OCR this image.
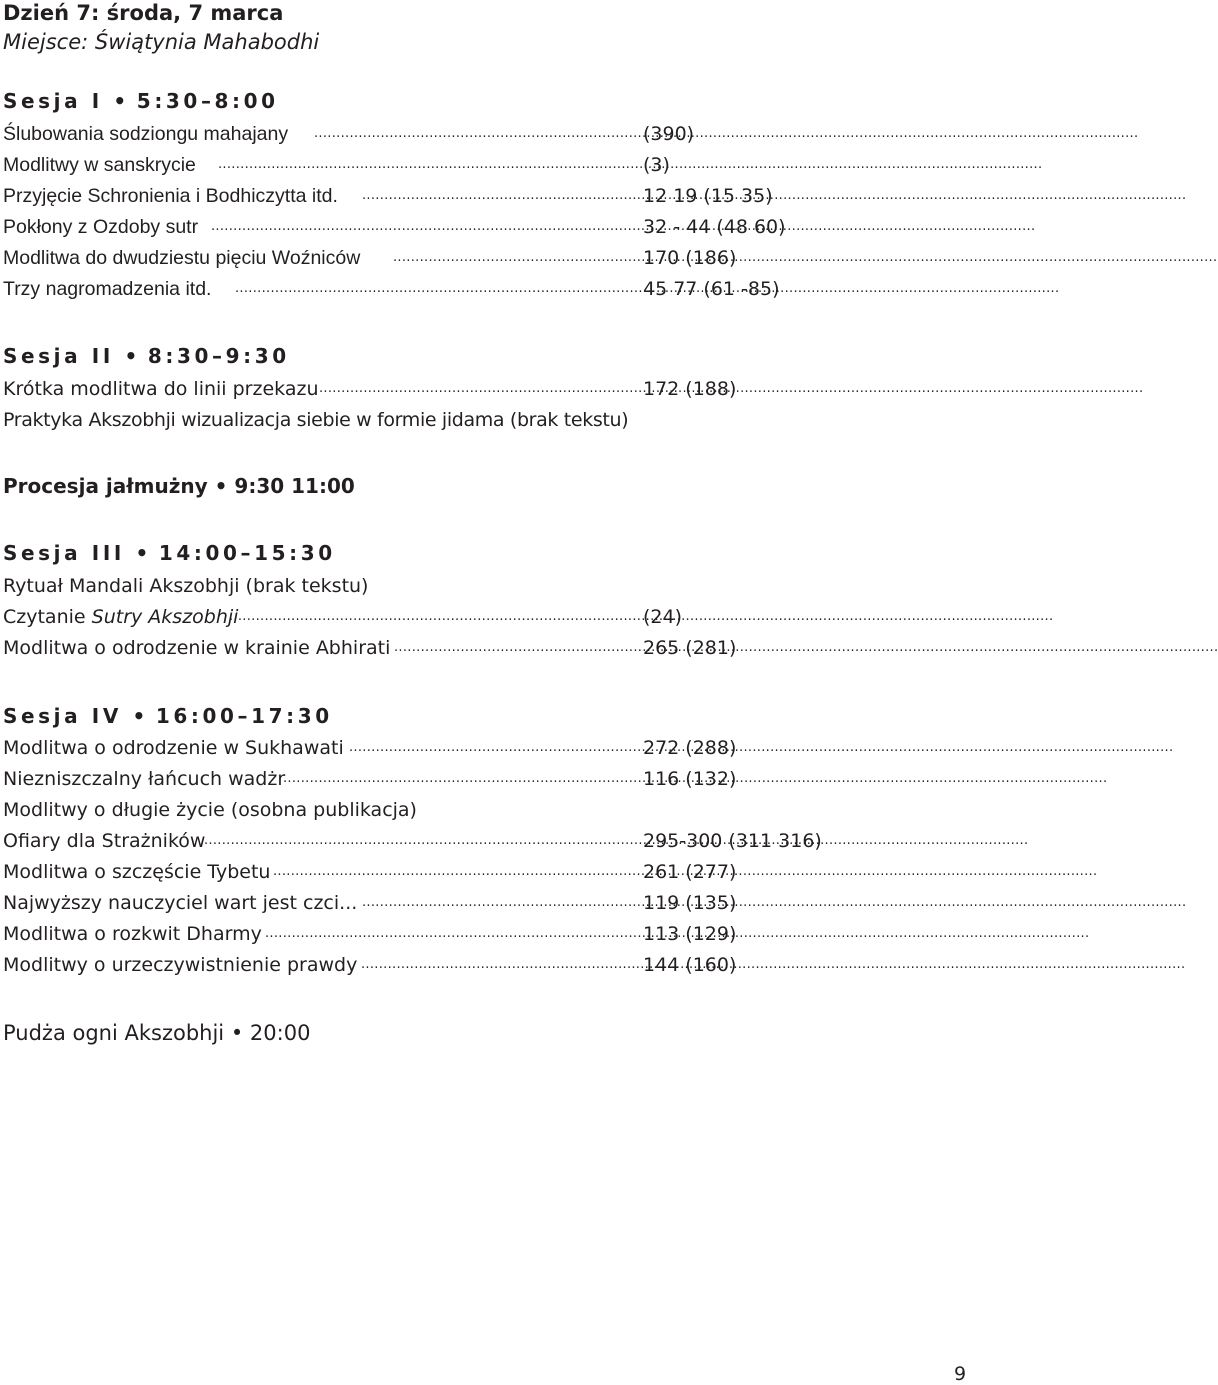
Dzień 7: środa, 7 marca
Miejsce: Świątynia Mahabodhi
Sesja I • 5:30–8:00
Ślubowania sodziongu mahajany .....	(390)
Modlitwy w sanskrycie .....	(3)
Przyjęcie Schronienia i Bodhiczytta itd. .....	12 19 (15 35)
Pokłony z Ozdoby sutr .....	32 - 44 (48 60)
Modlitwa do dwudziestu pięciu Woźniców .....	170 (186)
Trzy nagromadzenia itd. .....	45 77 (61 -85)
Sesja II • 8:30–9:30
Krótka modlitwa do linii przekazu .....	172 (188)
Praktyka Akszobhji wizualizacja siebie w formie jidama (brak tekstu)
Procesja jałmużny • 9:30 11:00
Sesja III • 14:00–15:30
Rytuał Mandali Akszobhji (brak tekstu)
Czytanie Sutry Akszobhji .....	(24)
Modlitwa o odrodzenie w krainie Abhirati .....	265 (281)
Sesja IV • 16:00–17:30
Modlitwa o odrodzenie w Sukhawati .....	272 (288)
Niezniszczalny łańcuch wadżr .....	116 (132)
Modlitwy o długie życie (osobna publikacja)
Ofiary dla Strażników .....	295-300 (311 316)
Modlitwa o szczęście Tybetu .....	261 (277)
Najwyższy nauczyciel wart jest czci... .....	119 (135)
Modlitwa o rozkwit Dharmy .....	113 (129)
Modlitwy o urzeczywistnienie prawdy .....	144 (160)
Pudża ogni Akszobhji • 20:00
9
